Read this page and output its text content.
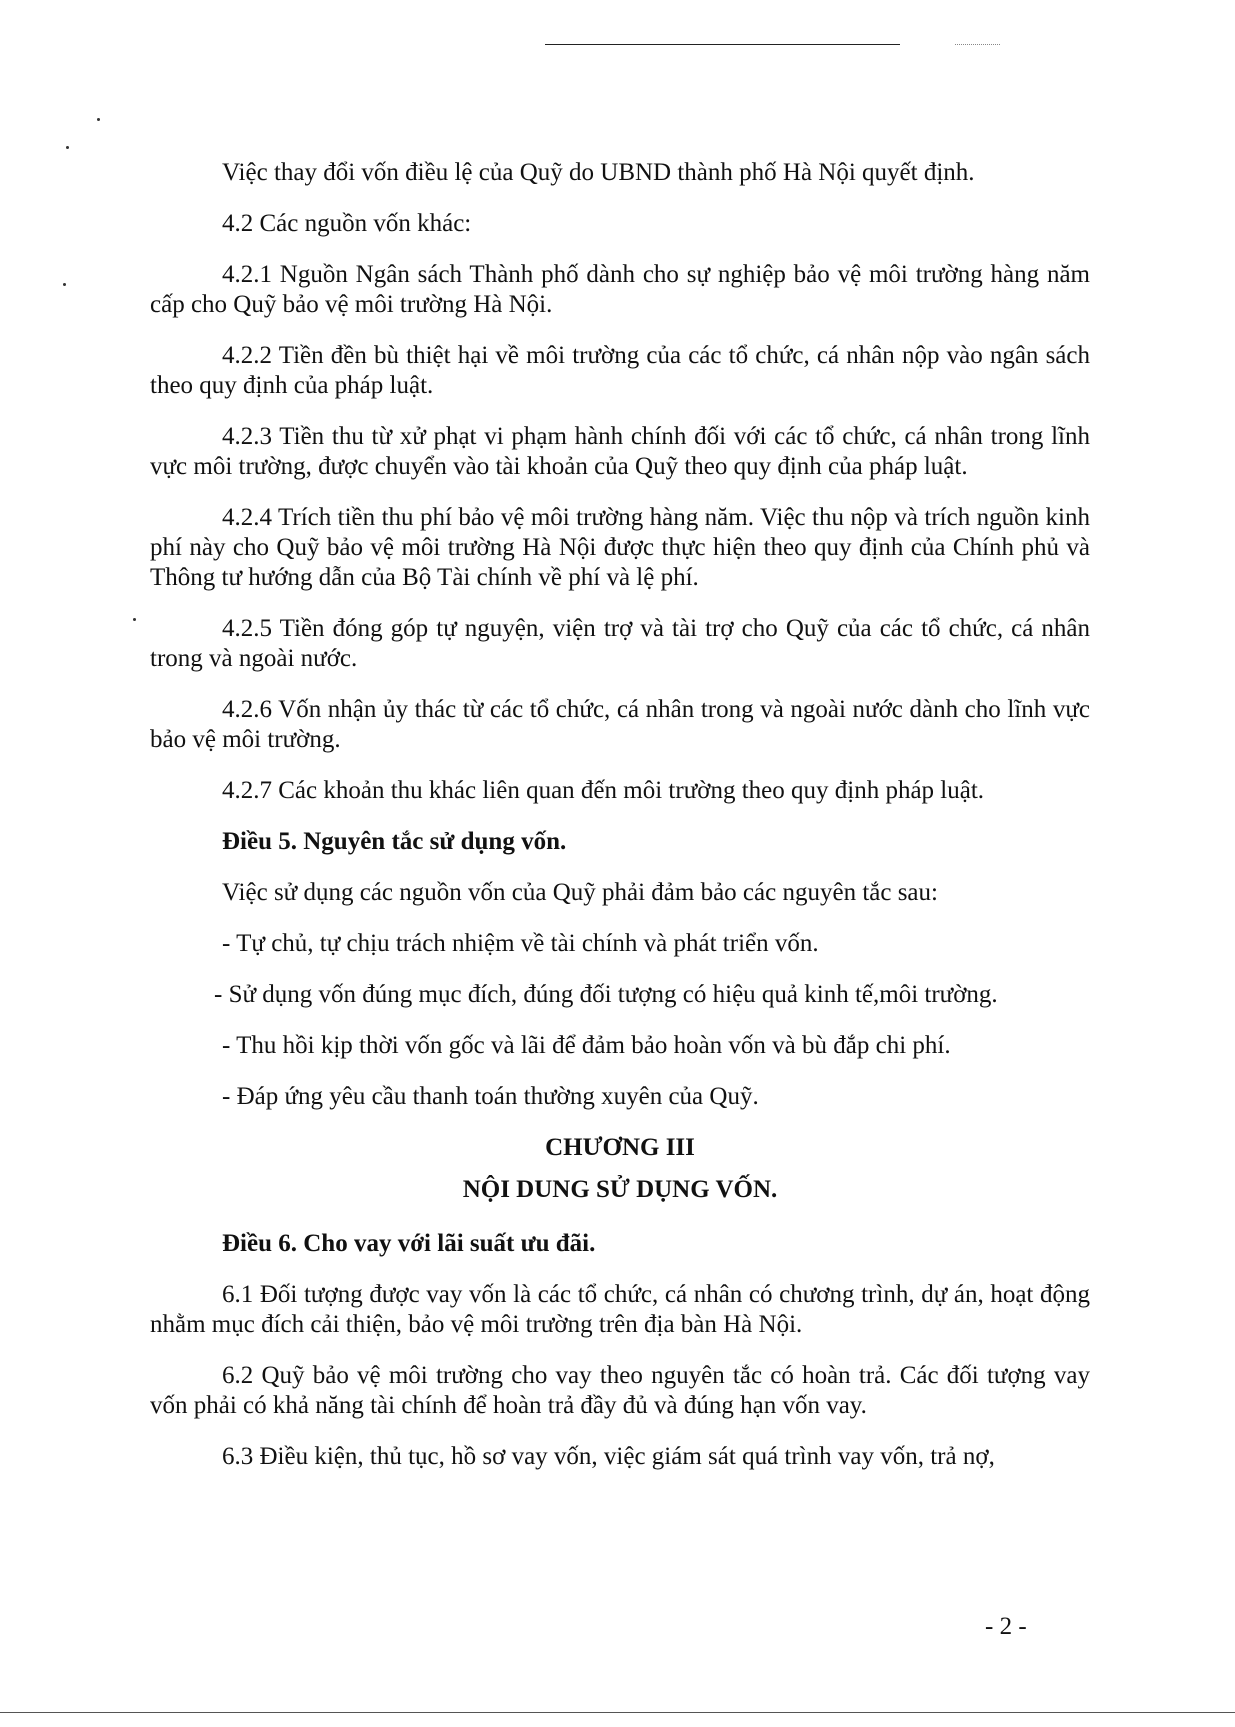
Việc thay đổi vốn điều lệ của Quỹ do UBND thành phố Hà Nội quyết định.

4.2 Các nguồn vốn khác:

4.2.1 Nguồn Ngân sách Thành phố dành cho sự nghiệp bảo vệ môi trường hàng năm cấp cho Quỹ bảo vệ môi trường Hà Nội.

4.2.2 Tiền đền bù thiệt hại về môi trường của các tổ chức, cá nhân nộp vào ngân sách theo quy định của pháp luật.

4.2.3 Tiền thu từ xử phạt vi phạm hành chính đối với các tổ chức, cá nhân trong lĩnh vực môi trường, được chuyển vào tài khoản của Quỹ theo quy định của pháp luật.

4.2.4 Trích tiền thu phí bảo vệ môi trường hàng năm. Việc thu nộp và trích nguồn kinh phí này cho Quỹ bảo vệ môi trường Hà Nội được thực hiện theo quy định của Chính phủ và Thông tư hướng dẫn của Bộ Tài chính về phí và lệ phí.

4.2.5 Tiền đóng góp tự nguyện, viện trợ và tài trợ cho Quỹ của các tổ chức, cá nhân trong và ngoài nước.

4.2.6 Vốn nhận ủy thác từ các tổ chức, cá nhân trong và ngoài nước dành cho lĩnh vực bảo vệ môi trường.

4.2.7 Các khoản thu khác liên quan đến môi trường theo quy định pháp luật.

Điều 5. Nguyên tắc sử dụng vốn.

Việc sử dụng các nguồn vốn của Quỹ phải đảm bảo các nguyên tắc sau:

- Tự chủ, tự chịu trách nhiệm về tài chính và phát triển vốn.

- Sử dụng vốn đúng mục đích, đúng đối tượng có hiệu quả kinh tế,môi trường.

- Thu hồi kịp thời vốn gốc và lãi để đảm bảo hoàn vốn và bù đắp chi phí.

- Đáp ứng yêu cầu thanh toán thường xuyên của Quỹ.

CHƯƠNG III

NỘI DUNG SỬ DỤNG VỐN.

Điều 6. Cho vay với lãi suất ưu đãi.

6.1 Đối tượng được vay vốn là các tổ chức, cá nhân có chương trình, dự án, hoạt động nhằm mục đích cải thiện, bảo vệ môi trường trên địa bàn Hà Nội.

6.2 Quỹ bảo vệ môi trường cho vay theo nguyên tắc có hoàn trả. Các đối tượng vay vốn phải có khả năng tài chính để hoàn trả đầy đủ và đúng hạn vốn vay.

6.3 Điều kiện, thủ tục, hồ sơ vay vốn, việc giám sát quá trình vay vốn, trả nợ,

- 2 -
